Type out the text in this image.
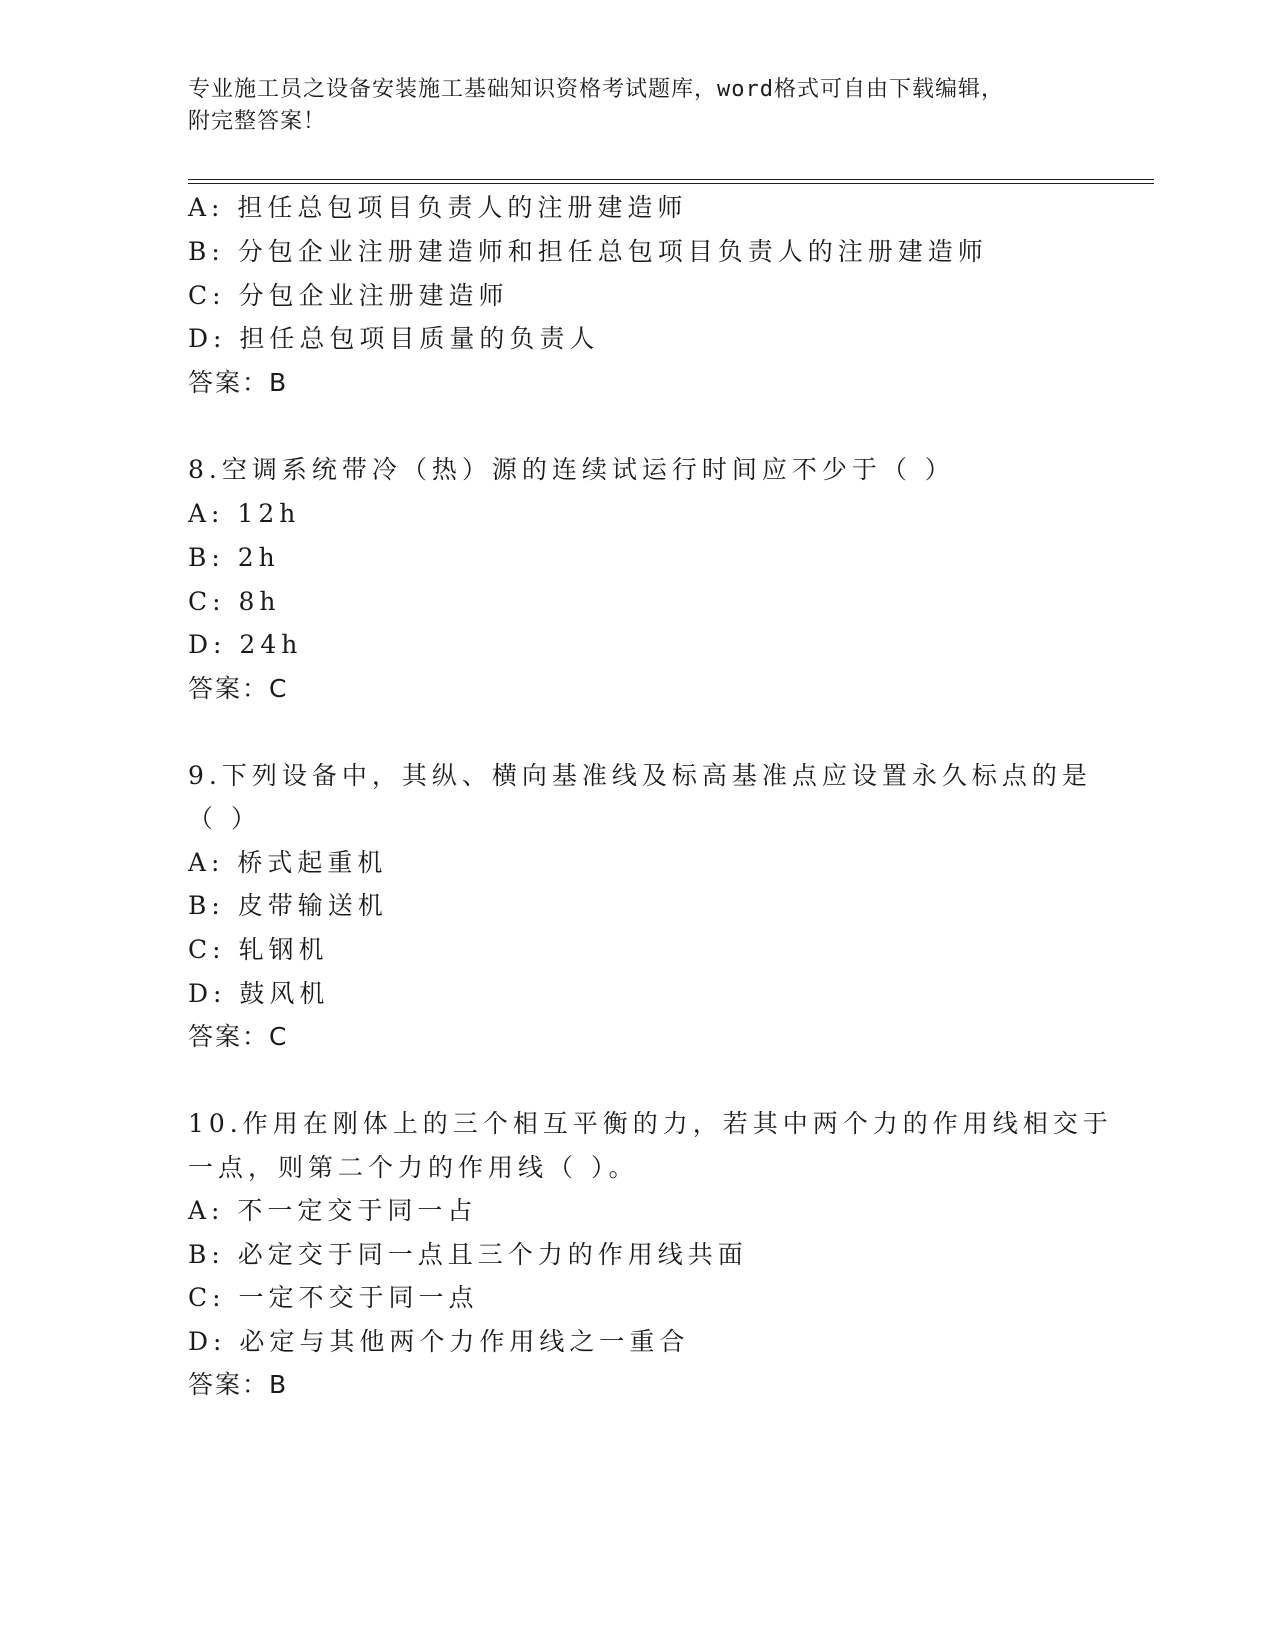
专业施工员之设备安装施工基础知识资格考试题库，word格式可自由下载编辑，
附完整答案！
A: 担任总包项目负责人的注册建造师
B: 分包企业注册建造师和担任总包项目负责人的注册建造师
C: 分包企业注册建造师
D: 担任总包项目质量的负责人
答案：B
8.空调系统带冷（热）源的连续试运行时间应不少于（ ）
A: 12h
B: 2h
C: 8h
D: 24h
答案：C
9.下列设备中，其纵、横向基准线及标高基准点应设置永久标点的是
（ ）
A: 桥式起重机
B: 皮带输送机
C: 轧钢机
D: 鼓风机
答案：C
10.作用在刚体上的三个相互平衡的力，若其中两个力的作用线相交于
一点，则第二个力的作用线（ ）。
A: 不一定交于同一占
B: 必定交于同一点且三个力的作用线共面
C: 一定不交于同一点
D: 必定与其他两个力作用线之一重合
答案：B
